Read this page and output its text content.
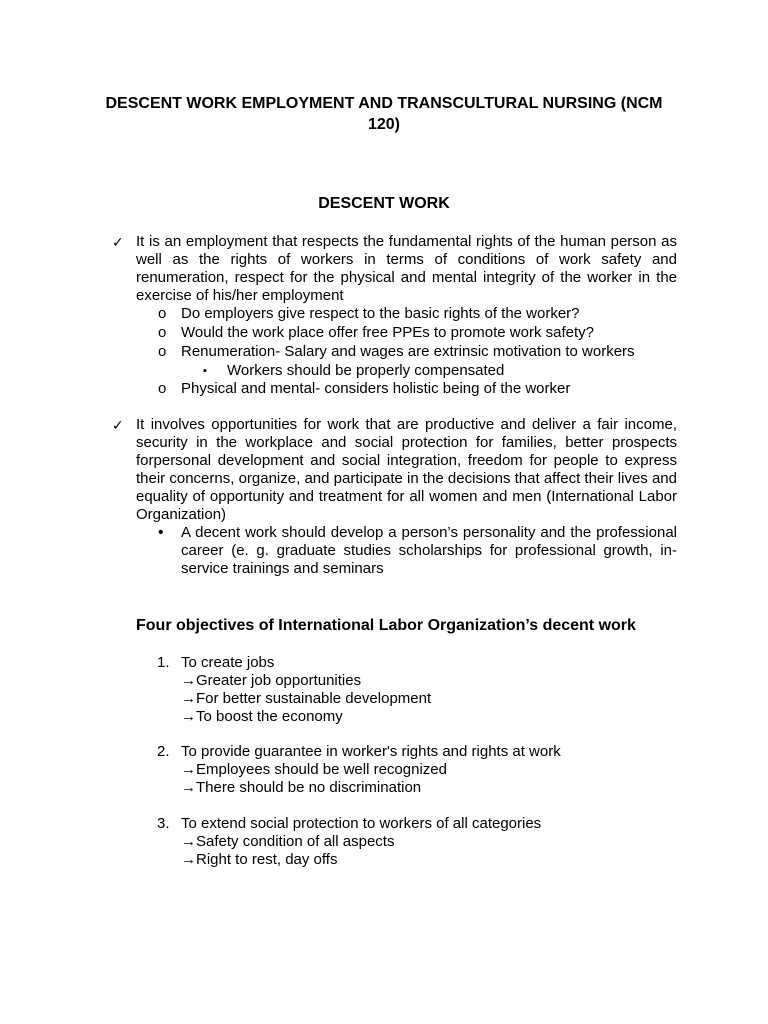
DESCENT WORK EMPLOYMENT AND TRANSCULTURAL NURSING (NCM 120)
DESCENT WORK
✓ It is an employment that respects the fundamental rights of the human person as well as the rights of workers in terms of conditions of work safety and renumeration, respect for the physical and mental integrity of the worker in the exercise of his/her employment
o Do employers give respect to the basic rights of the worker?
o Would the work place offer free PPEs to promote work safety?
o Renumeration- Salary and wages are extrinsic motivation to workers
▪ Workers should be properly compensated
o Physical and mental- considers holistic being of the worker
✓ It involves opportunities for work that are productive and deliver a fair income, security in the workplace and social protection for families, better prospects forpersonal development and social integration, freedom for people to express their concerns, organize, and participate in the decisions that affect their lives and equality of opportunity and treatment for all women and men (International Labor Organization)
• A decent work should develop a person’s personality and the professional career (e. g. graduate studies scholarships for professional growth, in-service trainings and seminars
Four objectives of International Labor Organization’s decent work
1. To create jobs
→Greater job opportunities
→For better sustainable development
→To boost the economy
2. To provide guarantee in worker's rights and rights at work
→Employees should be well recognized
→There should be no discrimination
3. To extend social protection to workers of all categories
→Safety condition of all aspects
→Right to rest, day offs
